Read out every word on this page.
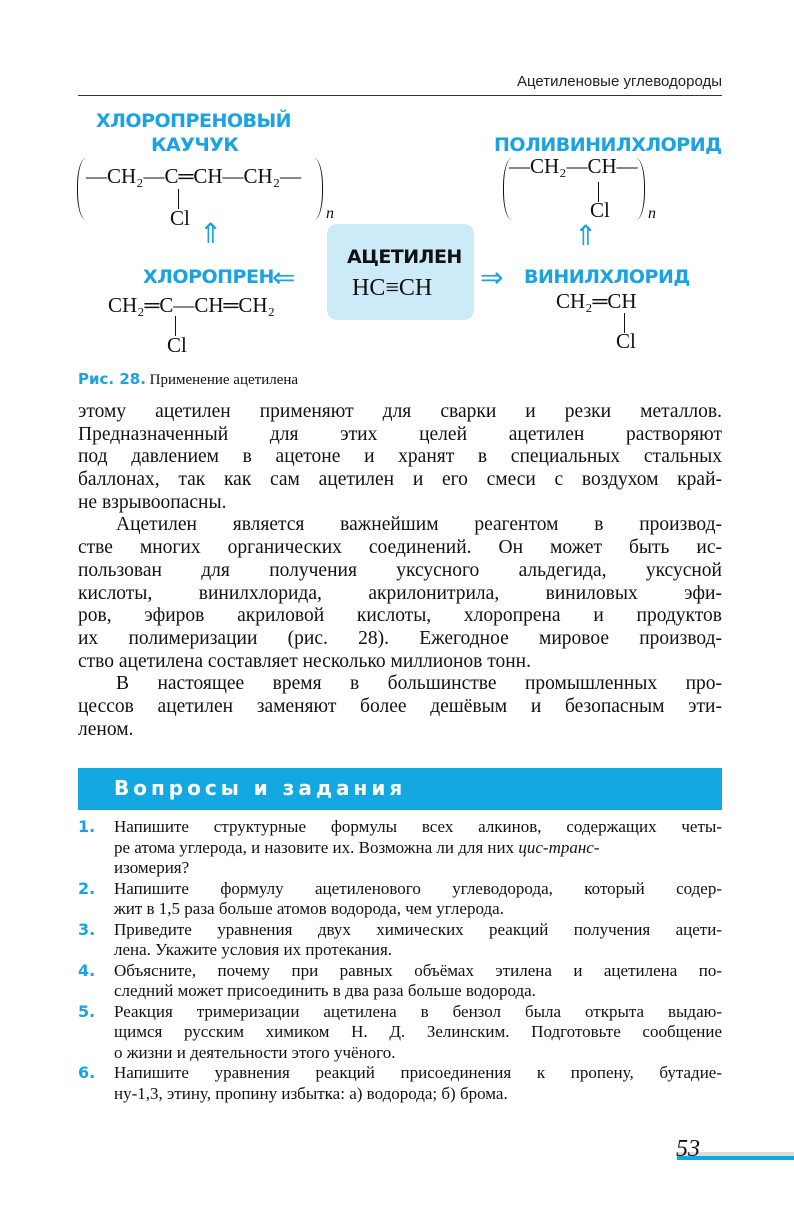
Ацетиленовые углеводороды
ХЛОРОПРЕНОВЫЙ
КАУЧУК
—CH₂—C═CH—CH₂—
n
Cl ⇑
ПОЛИВИНИЛХЛОРИД
—CH₂—CH—
n
Cl
⇑
АЦЕТИЛЕН
HC≡CH
ХЛОРОПРЕН
⇐
CH₂═C—CH═CH₂
Cl
⇒ ВИНИЛХЛОРИД
CH₂═CH
Cl
Рис. 28. Применение ацетилена
этому ацетилен применяют для сварки и резки металлов.
Предназначенный для этих целей ацетилен растворяют
под давлением в ацетоне и хранят в специальных стальных
баллонах, так как сам ацетилен и его смеси с воздухом край-
не взрывоопасны.
Ацетилен является важнейшим реагентом в производ-
стве многих органических соединений. Он может быть ис-
пользован для получения уксусного альдегида, уксусной
кислоты, винилхлорида, акрилонитрила, виниловых эфи-
ров, эфиров акриловой кислоты, хлоропрена и продуктов
их полимеризации (рис. 28). Ежегодное мировое производ-
ство ацетилена составляет несколько миллионов тонн.
В настоящее время в большинстве промышленных про-
цессов ацетилен заменяют более дешёвым и безопасным эти-
леном.
Вопросы и задания
1. Напишите структурные формулы всех алкинов, содержащих четы-
ре атома углерода, и назовите их. Возможна ли для них цис-транс-
изомерия?
2. Напишите формулу ацетиленового углеводорода, который содер-
жит в 1,5 раза больше атомов водорода, чем углерода.
3. Приведите уравнения двух химических реакций получения ацети-
лена. Укажите условия их протекания.
4. Объясните, почему при равных объёмах этилена и ацетилена по-
следний может присоединить в два раза больше водорода.
5. Реакция тримеризации ацетилена в бензол была открыта выдаю-
щимся русским химиком Н. Д. Зелинским. Подготовьте сообщение
о жизни и деятельности этого учёного.
6. Напишите уравнения реакций присоединения к пропену, бутадие-
ну-1,3, этину, пропину избытка: а) водорода; б) брома.
53
